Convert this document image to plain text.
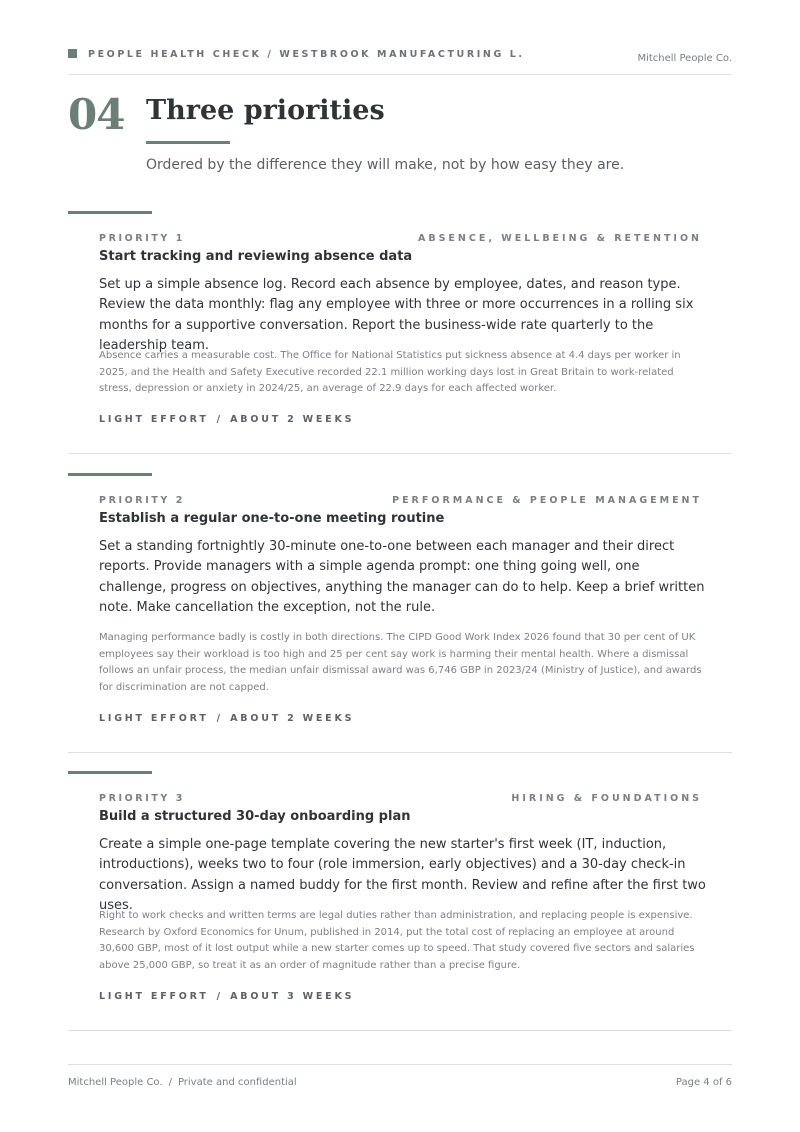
PEOPLE HEALTH CHECK / WESTBROOK MANUFACTURING L.	Mitchell People Co.
04 Three priorities

Ordered by the difference they will make, not by how easy they are.

PRIORITY 1	ABSENCE, WELLBEING & RETENTION
Start tracking and reviewing absence data

Set up a simple absence log. Record each absence by employee, dates, and reason type. Review the data monthly: flag any employee with three or more occurrences in a rolling six months for a supportive conversation. Report the business-wide rate quarterly to the leadership team.

Absence carries a measurable cost. The Office for National Statistics put sickness absence at 4.4 days per worker in 2025, and the Health and Safety Executive recorded 22.1 million working days lost in Great Britain to work-related stress, depression or anxiety in 2024/25, an average of 22.9 days for each affected worker.

LIGHT EFFORT / ABOUT 2 WEEKS
PRIORITY 2	PERFORMANCE & PEOPLE MANAGEMENT
Establish a regular one-to-one meeting routine

Set a standing fortnightly 30-minute one-to-one between each manager and their direct reports. Provide managers with a simple agenda prompt: one thing going well, one challenge, progress on objectives, anything the manager can do to help. Keep a brief written note. Make cancellation the exception, not the rule.

Managing performance badly is costly in both directions. The CIPD Good Work Index 2026 found that 30 per cent of UK employees say their workload is too high and 25 per cent say work is harming their mental health. Where a dismissal follows an unfair process, the median unfair dismissal award was 6,746 GBP in 2023/24 (Ministry of Justice), and awards for discrimination are not capped.

LIGHT EFFORT / ABOUT 2 WEEKS
PRIORITY 3	HIRING & FOUNDATIONS
Build a structured 30-day onboarding plan

Create a simple one-page template covering the new starter's first week (IT, induction, introductions), weeks two to four (role immersion, early objectives) and a 30-day check-in conversation. Assign a named buddy for the first month. Review and refine after the first two uses.

Right to work checks and written terms are legal duties rather than administration, and replacing people is expensive. Research by Oxford Economics for Unum, published in 2014, put the total cost of replacing an employee at around 30,600 GBP, most of it lost output while a new starter comes up to speed. That study covered five sectors and salaries above 25,000 GBP, so treat it as an order of magnitude rather than a precise figure.

LIGHT EFFORT / ABOUT 3 WEEKS
Mitchell People Co. / Private and confidential	Page 4 of 6
